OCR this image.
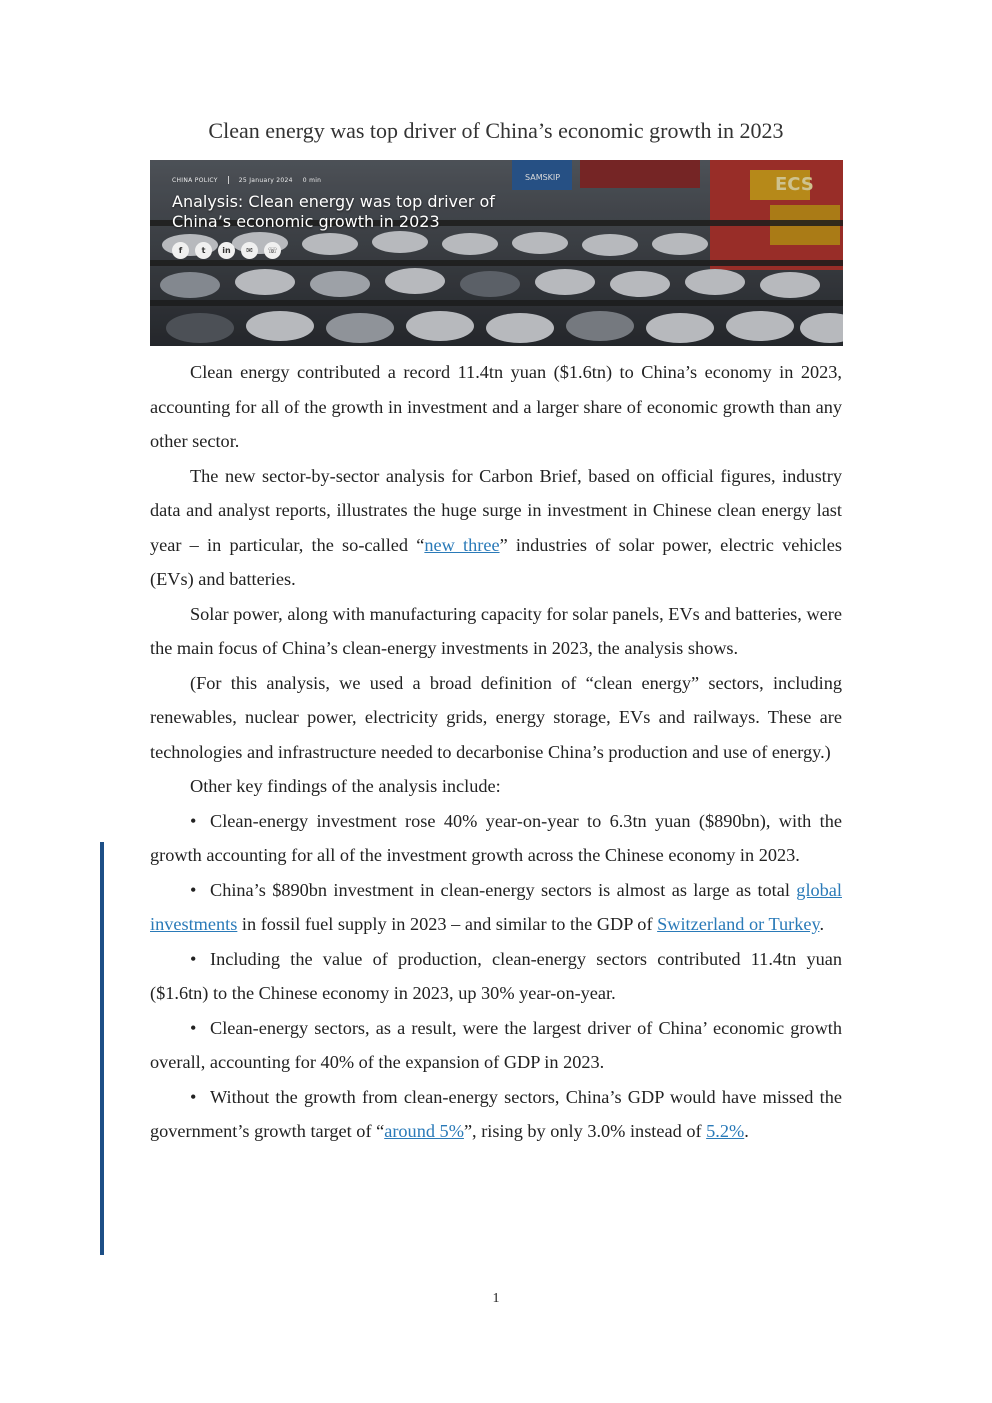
Clean energy was top driver of China’s economic growth in 2023
SAMSKIP	ECS
CHINA POLICY	25 January 2024 0 min
Analysis: Clean energy was top driver of China’s economic growth in 2023
f	t	in	✉	☏

Clean energy contributed a record 11.4tn yuan ($1.6tn) to China’s economy in 2023, accounting for all of the growth in investment and a larger share of economic growth than any other sector.

The new sector-by-sector analysis for Carbon Brief, based on official figures, industry data and analyst reports, illustrates the huge surge in investment in Chinese clean energy last year – in particular, the so-called “new three” industries of solar power, electric vehicles (EVs) and batteries.

Solar power, along with manufacturing capacity for solar panels, EVs and batteries, were the main focus of China’s clean-energy investments in 2023, the analysis shows.

(For this analysis, we used a broad definition of “clean energy” sectors, including renewables, nuclear power, electricity grids, energy storage, EVs and railways. These are technologies and infrastructure needed to decarbonise China’s production and use of energy.)

Other key findings of the analysis include:

• Clean-energy investment rose 40% year-on-year to 6.3tn yuan ($890bn), with the growth accounting for all of the investment growth across the Chinese economy in 2023.

• China’s $890bn investment in clean-energy sectors is almost as large as total global investments in fossil fuel supply in 2023 – and similar to the GDP of Switzerland or Turkey.

• Including the value of production, clean-energy sectors contributed 11.4tn yuan ($1.6tn) to the Chinese economy in 2023, up 30% year-on-year.

• Clean-energy sectors, as a result, were the largest driver of China’ economic growth overall, accounting for 40% of the expansion of GDP in 2023.

• Without the growth from clean-energy sectors, China’s GDP would have missed the government’s growth target of “around 5%”, rising by only 3.0% instead of 5.2%.

1
